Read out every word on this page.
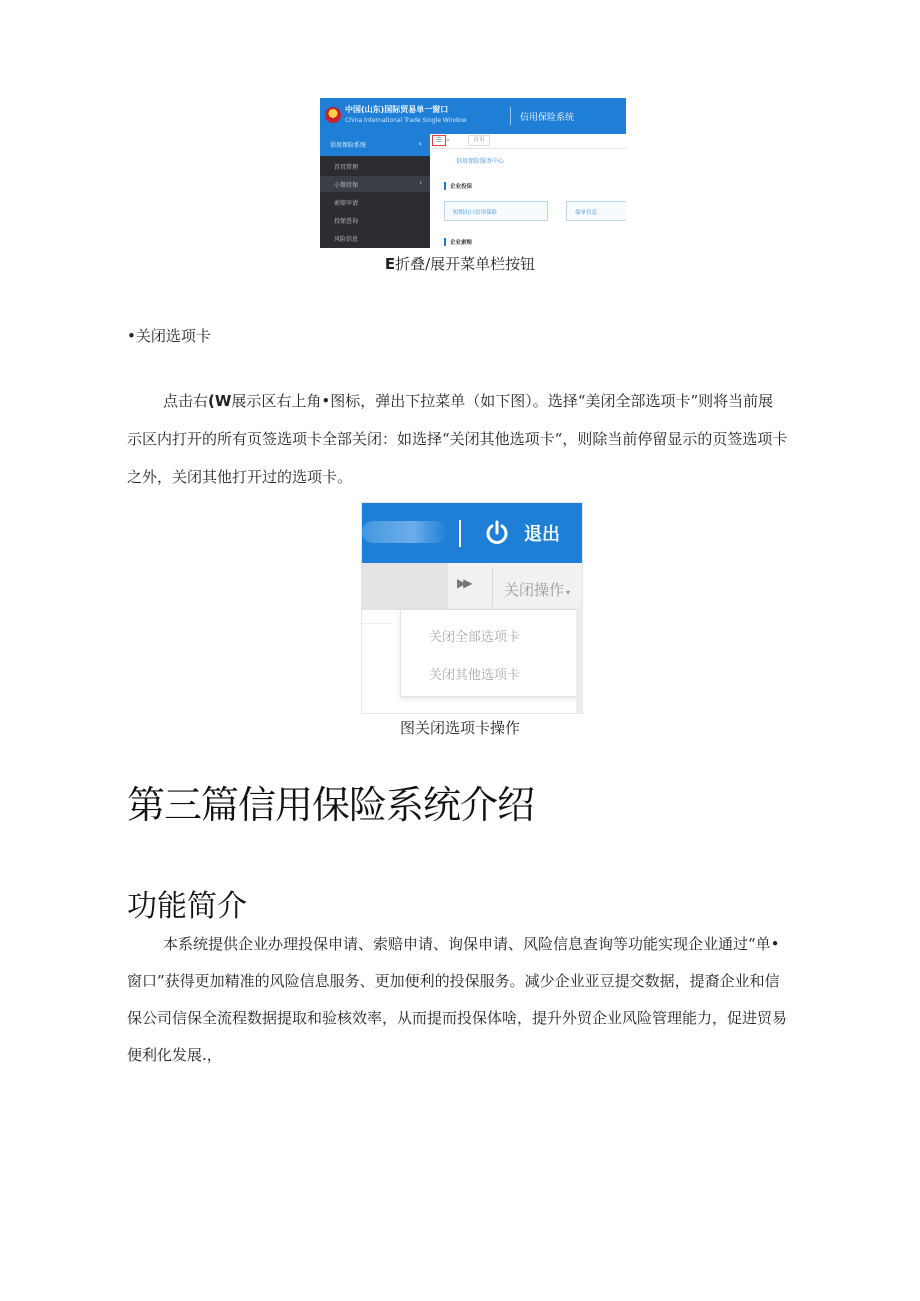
中国(山东)国际贸易单一窗口
China International Trade Single Window	信用保险系统
信用保险系统	‹
首页管理
小微投保	›
索赔申请
投保查询
风险信息
☰ «	首页
信用保险服务中心
企业投保
短期出口信用保险	保单信息
企业索赔
E折叠/展开菜单栏按钮
•关闭选项卡
点击右(W展示区右上角•图标，弹出下拉菜单（如下图）。选择“美闭全部选项卡”则将当前展
示区内打开的所有页签选项卡全部关闭：如选择“关闭其他选项卡“，则除当前停留显示的页签选项卡
之外，关闭其他打开过的选项卡。
退出
▶▶ 关闭操作 ▾
关闭全部选项卡
关闭其他选项卡
图关闭选项卡操作
第三篇信用保险系统介绍
功能简介
本系统提供企业办理投保申请、索赔申请、询保申请、风险信息查询等功能实现企业通过“单•
窗口”获得更加精准的风险信息服务、更加便利的投保服务。减少企业亚豆提交数据，提裔企业和信
保公司信保全流程数据提取和验核效率，从而提而投保体啥，提升外贸企业风险管理能力，促进贸易
便利化发展.，
